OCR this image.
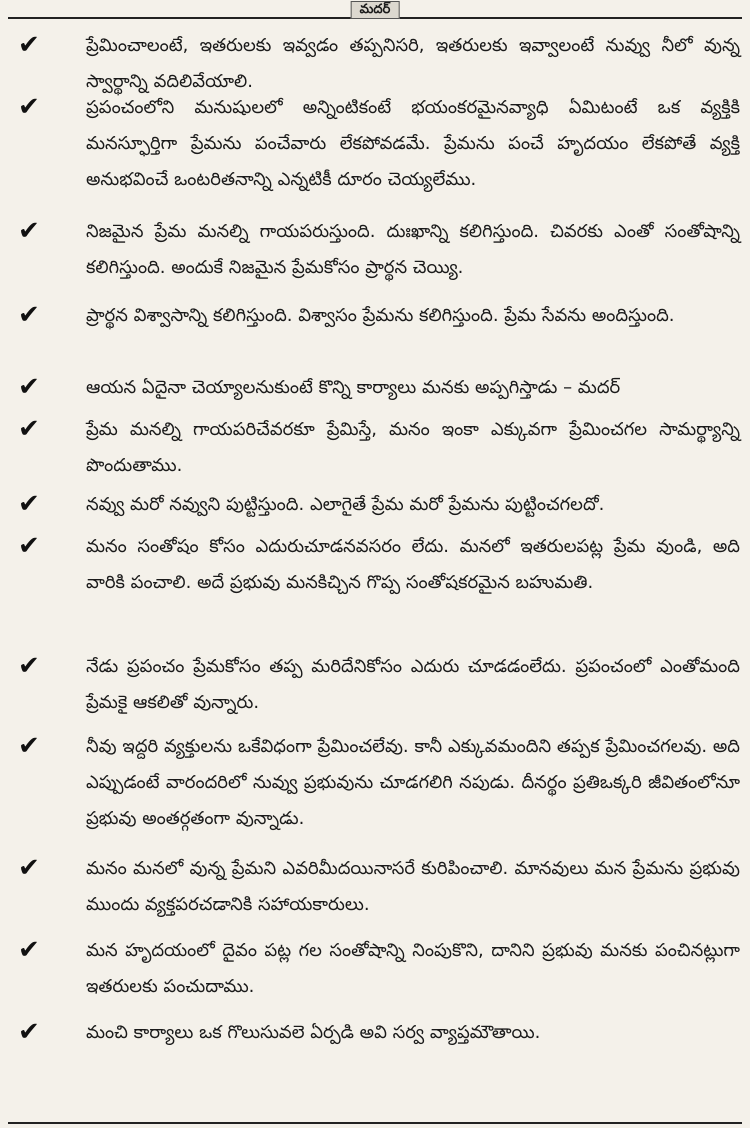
మదర్
✔	ప్రేమించాలంటే, ఇతరులకు ఇవ్వడం తప్పనిసరి, ఇతరులకు ఇవ్వాలంటే నువ్వు నీలో వున్న స్వార్థాన్ని వదిలివేయాలి.
✔	ప్రపంచంలోని మనుషులలో అన్నింటికంటే భయంకరమైనవ్యాధి ఏమిటంటే ఒక వ్యక్తికి మనస్ఫూర్తిగా ప్రేమను పంచేవారు లేకపోవడమే. ప్రేమను పంచే హృదయం లేకపోతే వ్యక్తి అనుభవించే ఒంటరితనాన్ని ఎన్నటికీ దూరం చెయ్యలేము.
✔	నిజమైన ప్రేమ మనల్ని గాయపరుస్తుంది. దుఃఖాన్ని కలిగిస్తుంది. చివరకు ఎంతో సంతోషాన్ని కలిగిస్తుంది. అందుకే నిజమైన ప్రేమకోసం ప్రార్థన చెయ్యి.
✔	ప్రార్థన విశ్వాసాన్ని కలిగిస్తుంది. విశ్వాసం ప్రేమను కలిగిస్తుంది. ప్రేమ సేవను అందిస్తుంది.
✔	ఆయన ఏదైనా చెయ్యాలనుకుంటే కొన్ని కార్యాలు మనకు అప్పగిస్తాడు – మదర్
✔	ప్రేమ మనల్ని గాయపరిచేవరకూ ప్రేమిస్తే, మనం ఇంకా ఎక్కువగా ప్రేమించగల సామర్థ్యాన్ని పొందుతాము.
✔	నవ్వు మరో నవ్వుని పుట్టిస్తుంది. ఎలాగైతే ప్రేమ మరో ప్రేమను పుట్టించగలదో.
✔	మనం సంతోషం కోసం ఎదురుచూడనవసరం లేదు. మనలో ఇతరులపట్ల ప్రేమ వుండి, అది వారికి పంచాలి. అదే ప్రభువు మనకిచ్చిన గొప్ప సంతోషకరమైన బహుమతి.
✔	నేడు ప్రపంచం ప్రేమకోసం తప్ప మరిదేనికోసం ఎదురు చూడడంలేదు. ప్రపంచంలో ఎంతోమంది ప్రేమకై ఆకలితో వున్నారు.
✔	నీవు ఇద్దరి వ్యక్తులను ఒకేవిధంగా ప్రేమించలేవు. కానీ ఎక్కువమందిని తప్పక ప్రేమించగలవు. అది ఎప్పుడంటే వారందరిలో నువ్వు ప్రభువును చూడగలిగి నపుడు. దీనర్థం ప్రతిఒక్కరి జీవితంలోనూ ప్రభువు అంతర్గతంగా వున్నాడు.
✔	మనం మనలో వున్న ప్రేమని ఎవరిమీదయినాసరే కురిపించాలి. మానవులు మన ప్రేమను ప్రభువు ముందు వ్యక్తపరచడానికి సహాయకారులు.
✔	మన హృదయంలో దైవం పట్ల గల సంతోషాన్ని నింపుకొని, దానిని ప్రభువు మనకు పంచినట్లుగా ఇతరులకు పంచుదాము.
✔	మంచి కార్యాలు ఒక గొలుసువలె ఏర్పడి అవి సర్వ వ్యాప్తమౌతాయి.
